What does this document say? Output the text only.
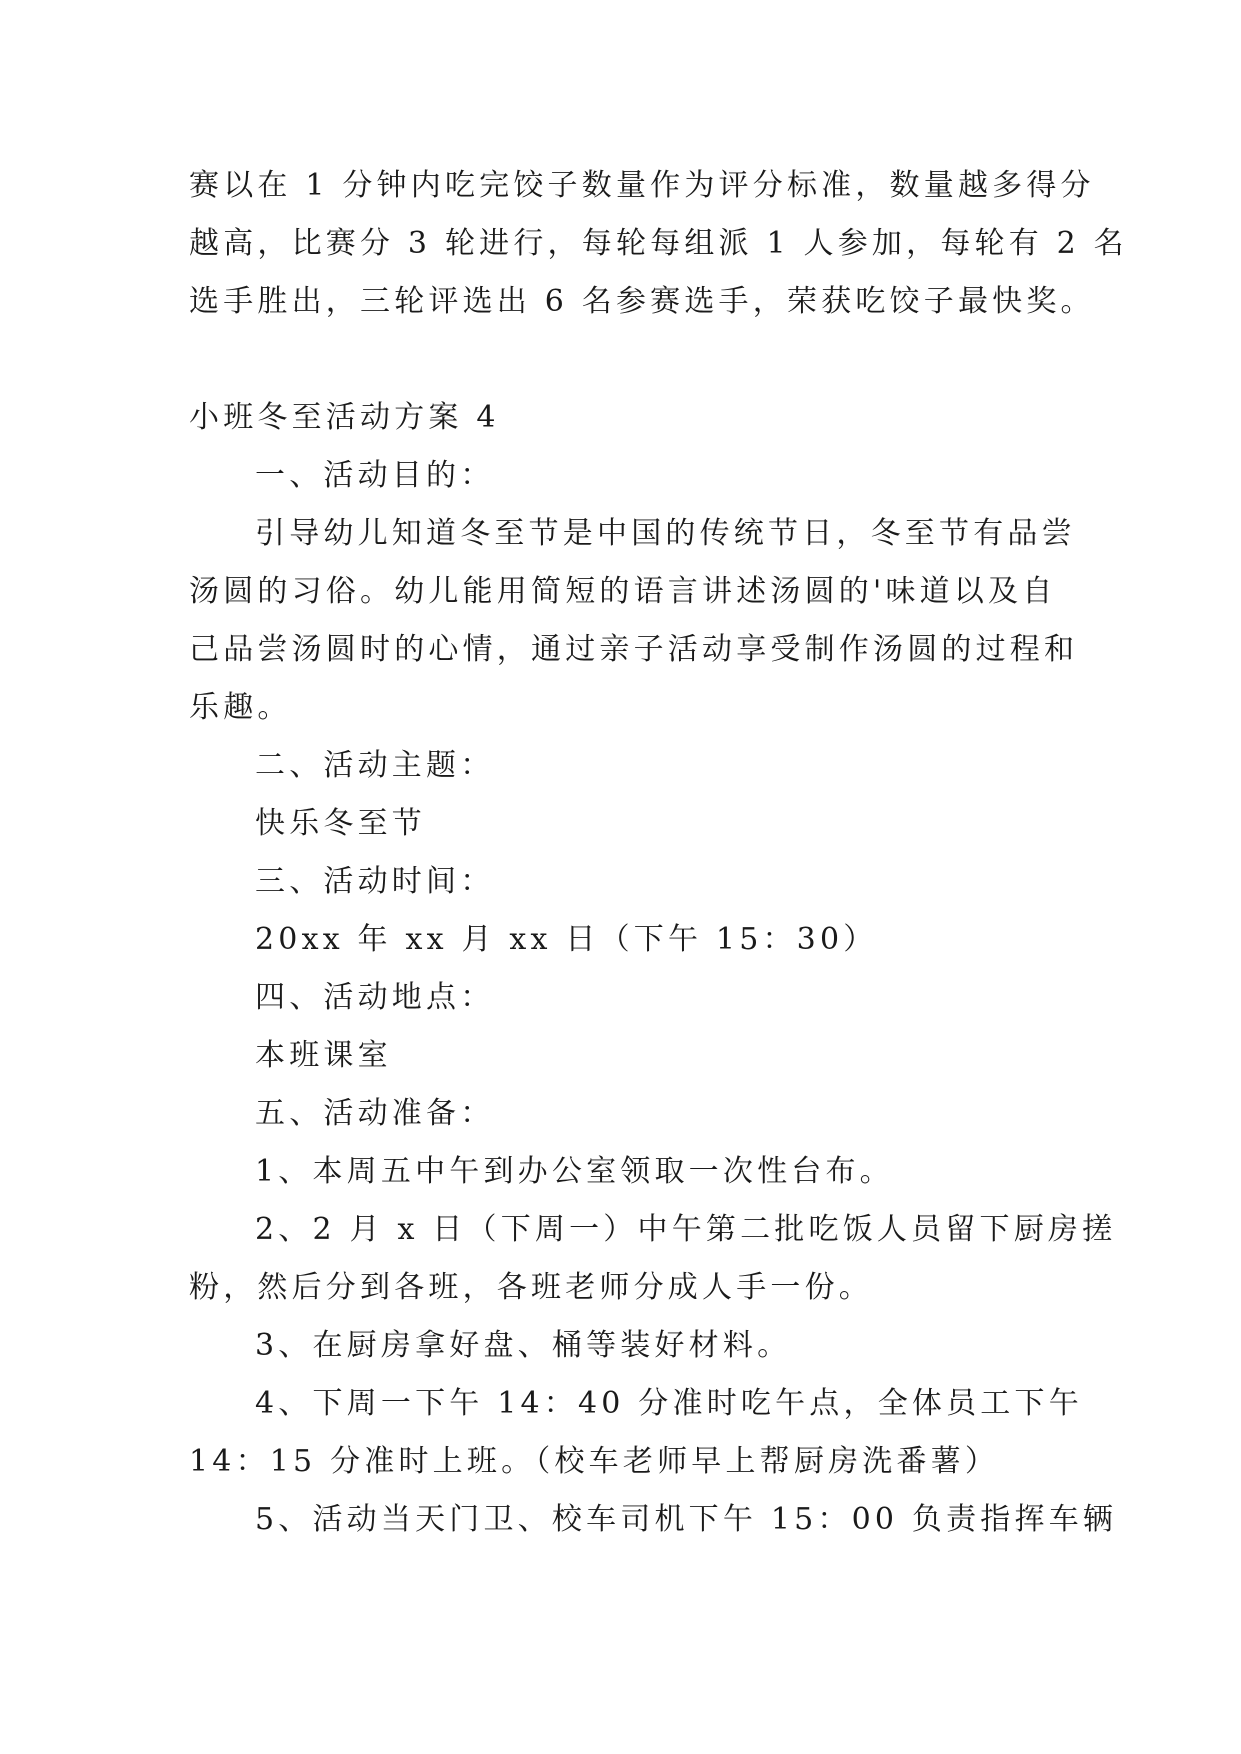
赛以在 1 分钟内吃完饺子数量作为评分标准，数量越多得分

越高，比赛分 3 轮进行，每轮每组派 1 人参加，每轮有 2 名

选手胜出，三轮评选出 6 名参赛选手，荣获吃饺子最快奖。

小班冬至活动方案 4

一、活动目的：

引导幼儿知道冬至节是中国的传统节日，冬至节有品尝

汤圆的习俗。幼儿能用简短的语言讲述汤圆的'味道以及自

己品尝汤圆时的心情，通过亲子活动享受制作汤圆的过程和

乐趣。

二、活动主题：

快乐冬至节

三、活动时间：

20xx 年 xx 月 xx 日（下午 15：30）

四、活动地点：

本班课室

五、活动准备：

1、本周五中午到办公室领取一次性台布。

2、2 月 x 日（下周一）中午第二批吃饭人员留下厨房搓

粉，然后分到各班，各班老师分成人手一份。

3、在厨房拿好盘、桶等装好材料。

4、下周一下午 14：40 分准时吃午点，全体员工下午

14：15 分准时上班。（校车老师早上帮厨房洗番薯）

5、活动当天门卫、校车司机下午 15：00 负责指挥车辆
